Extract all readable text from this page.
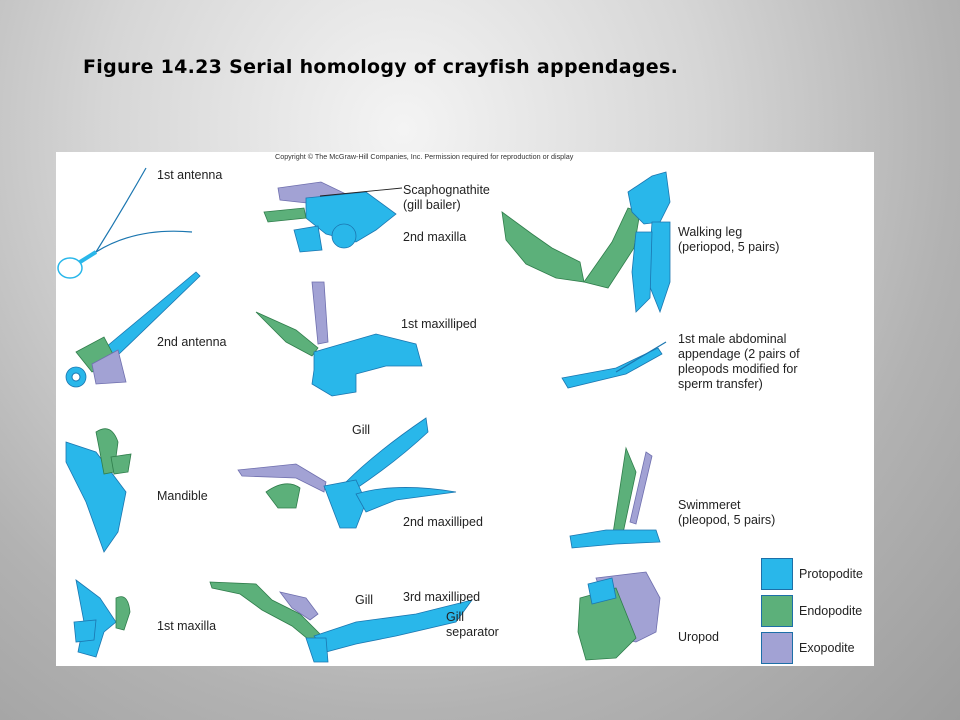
Figure 14.23 Serial homology of crayfish appendages.
Copyright © The McGraw-Hill Companies, Inc. Permission required for reproduction or display
1st antenna
2nd antenna
Mandible
1st maxilla
Scaphognathite
(gill bailer)
2nd maxilla
1st maxilliped
Gill
2nd maxilliped
Gill 3rd maxilliped
Gill
separator
Walking leg
(periopod, 5 pairs)
1st male abdominal
appendage (2 pairs of
pleopods modified for
sperm transfer)
Swimmeret
(pleopod, 5 pairs)
Uropod
Protopodite
Endopodite
Exopodite
